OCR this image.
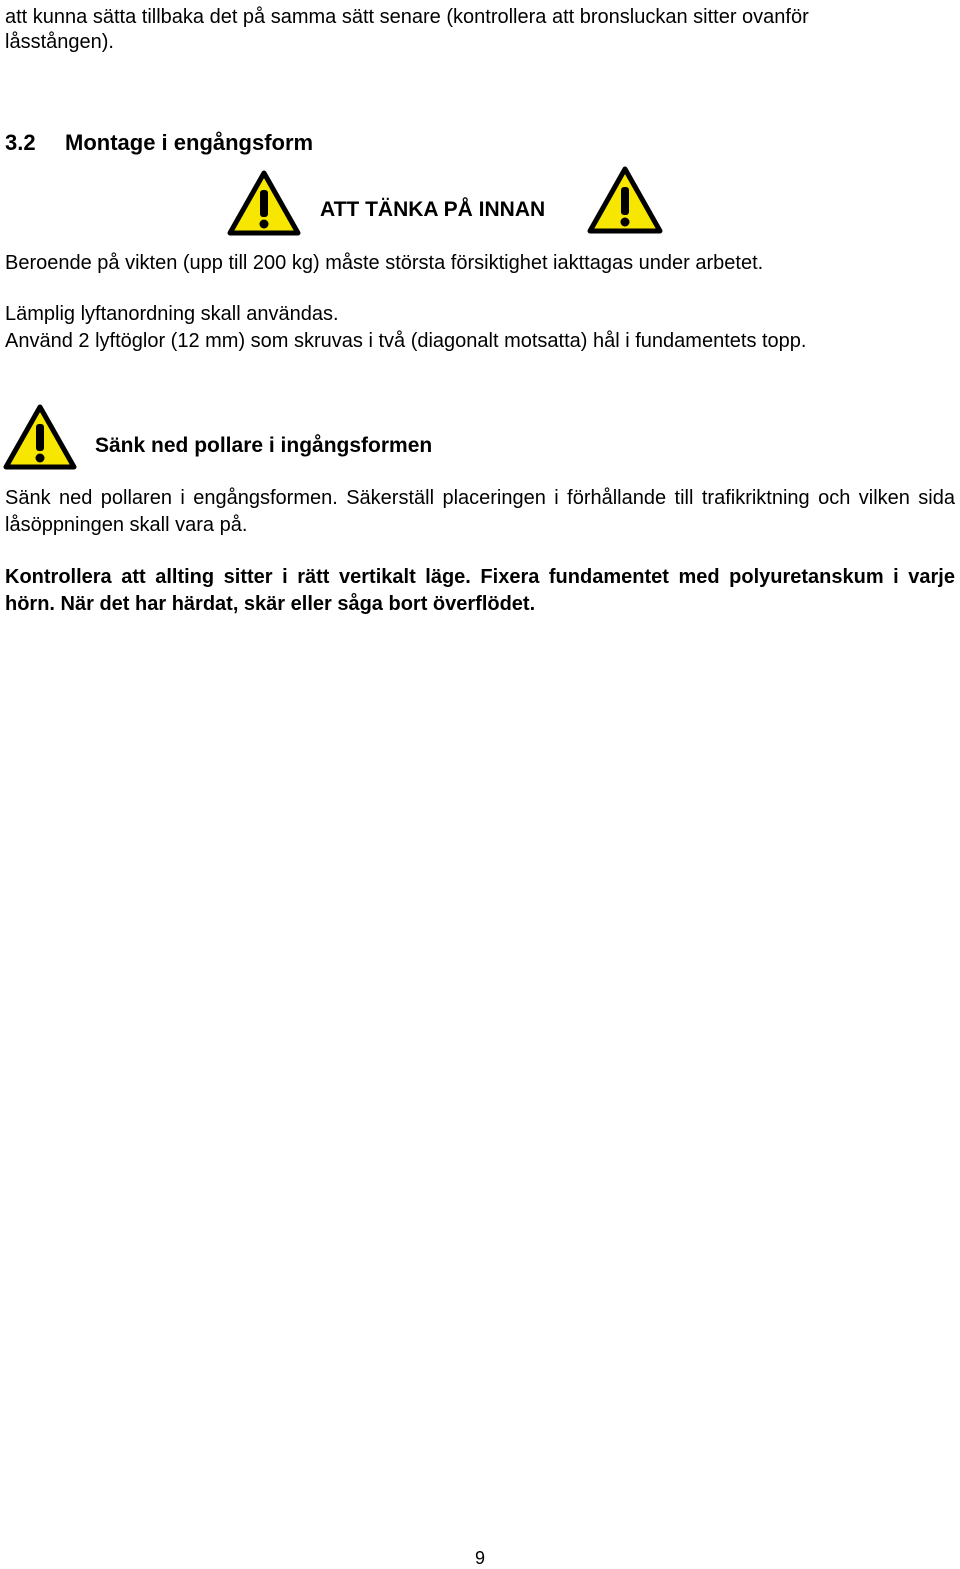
att kunna sätta tillbaka det på samma sätt senare (kontrollera att bronsluckan sitter ovanför
låsstången).
3.2 Montage i engångsform
ATT TÄNKA PÅ INNAN
Beroende på vikten (upp till 200 kg) måste största försiktighet iakttagas under arbetet.
Lämplig lyftanordning skall användas.
Använd 2 lyftöglor (12 mm) som skruvas i två (diagonalt motsatta) hål i fundamentets topp.
Sänk ned pollare i ingångsformen
Sänk ned pollaren i engångsformen. Säkerställ placeringen i förhållande till trafikriktning och vilken sida låsöppningen skall vara på.
Kontrollera att allting sitter i rätt vertikalt läge. Fixera fundamentet med polyuretanskum i varje hörn. När det har härdat, skär eller såga bort överflödet.
9
